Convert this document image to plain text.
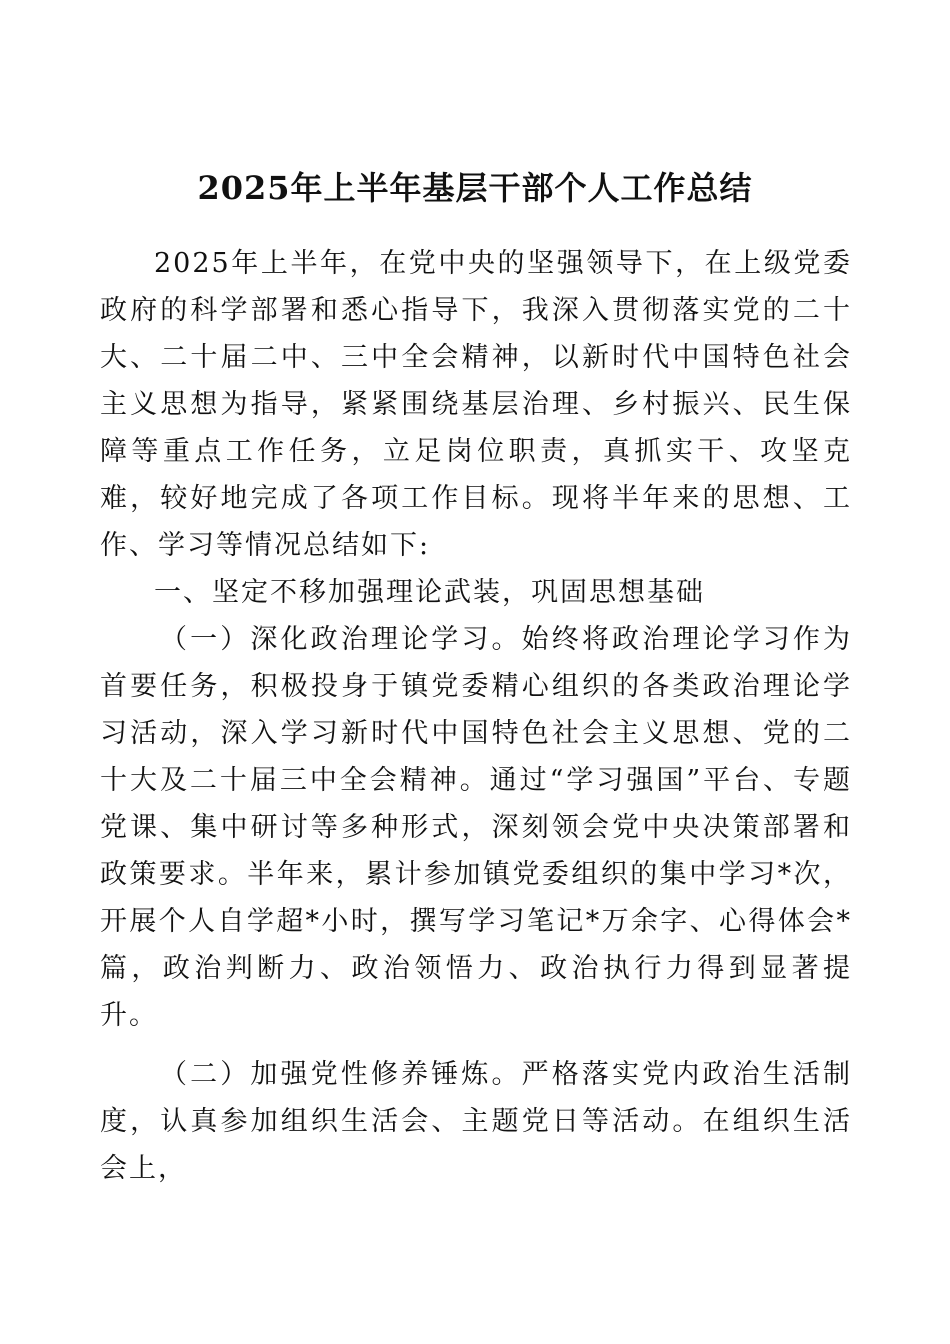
2025年上半年基层干部个人工作总结

2025年上半年，在党中央的坚强领导下，在上级党委政府的科学部署和悉心指导下，我深入贯彻落实党的二十大、二十届二中、三中全会精神，以新时代中国特色社会主义思想为指导，紧紧围绕基层治理、乡村振兴、民生保障等重点工作任务，立足岗位职责，真抓实干、攻坚克难，较好地完成了各项工作目标。现将半年来的思想、工作、学习等情况总结如下:

一、坚定不移加强理论武装，巩固思想基础

（一）深化政治理论学习。始终将政治理论学习作为首要任务，积极投身于镇党委精心组织的各类政治理论学习活动，深入学习新时代中国特色社会主义思想、党的二十大及二十届三中全会精神。通过“学习强国”平台、专题党课、集中研讨等多种形式，深刻领会党中央决策部署和政策要求。半年来，累计参加镇党委组织的集中学习*次，开展个人自学超*小时，撰写学习笔记*万余字、心得体会*篇，政治判断力、政治领悟力、政治执行力得到显著提升。

（二）加强党性修养锤炼。严格落实党内政治生活制度，认真参加组织生活会、主题党日等活动。在组织生活会上，
